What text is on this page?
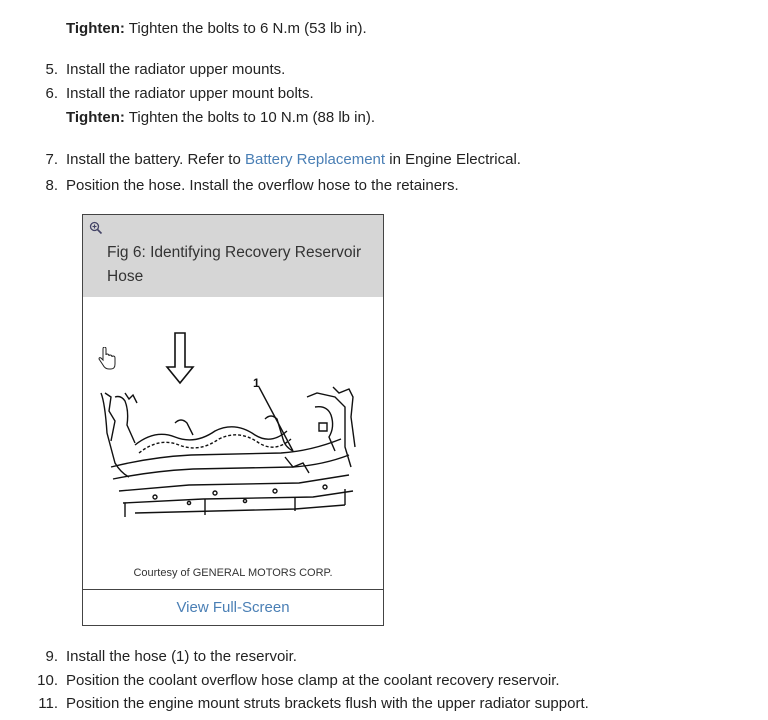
Tighten: Tighten the bolts to 6 N.m (53 lb in).
5. Install the radiator upper mounts.
6. Install the radiator upper mount bolts.
Tighten: Tighten the bolts to 10 N.m (88 lb in).
7. Install the battery. Refer to Battery Replacement in Engine Electrical.
8. Position the hose. Install the overflow hose to the retainers.
Fig 6: Identifying Recovery Reservoir Hose
1
Courtesy of GENERAL MOTORS CORP.
View Full-Screen
9. Install the hose (1) to the reservoir.
10. Position the coolant overflow hose clamp at the coolant recovery reservoir.
11. Position the engine mount struts brackets flush with the upper radiator support.
